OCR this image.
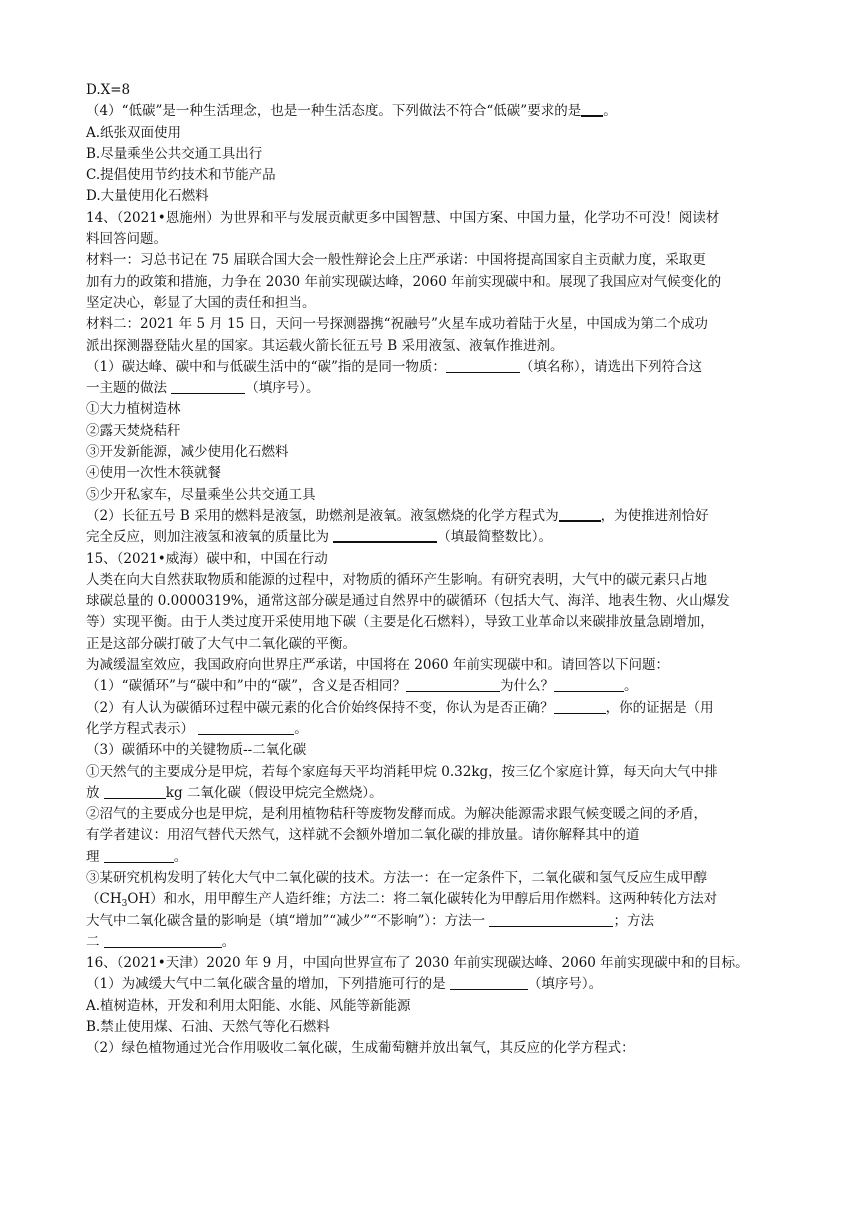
D.X=8
（4）“低碳”是一种生活理念，也是一种生活态度。下列做法不符合“低碳”要求的是 。
A.纸张双面使用
B.尽量乘坐公共交通工具出行
C.提倡使用节约技术和节能产品
D.大量使用化石燃料
14、（2021•恩施州）为世界和平与发展贡献更多中国智慧、中国方案、中国力量，化学功不可没！阅读材
料回答问题。
材料一：习总书记在 75 届联合国大会一般性辩论会上庄严承诺：中国将提高国家自主贡献力度，采取更
加有力的政策和措施，力争在 2030 年前实现碳达峰，2060 年前实现碳中和。展现了我国应对气候变化的
坚定决心，彰显了大国的责任和担当。
材料二：2021 年 5 月 15 日，天问一号探测器携“祝融号”火星车成功着陆于火星，中国成为第二个成功
派出探测器登陆火星的国家。其运载火箭长征五号 B 采用液氢、液氧作推进剂。
（1）碳达峰、碳中和与低碳生活中的“碳”指的是同一物质：	（填名称），请选出下列符合这
一主题的做法	（填序号）。
①大力植树造林
②露天焚烧秸秆
③开发新能源，减少使用化石燃料
④使用一次性木筷就餐
⑤少开私家车，尽量乘坐公共交通工具
（2）长征五号 B 采用的燃料是液氢，助燃剂是液氧。液氢燃烧的化学方程式为	，为使推进剂恰好
完全反应，则加注液氢和液氧的质量比为	（填最简整数比）。
15、（2021•威海）碳中和，中国在行动
人类在向大自然获取物质和能源的过程中，对物质的循环产生影响。有研究表明，大气中的碳元素只占地
球碳总量的 0.0000319%，通常这部分碳是通过自然界中的碳循环（包括大气、海洋、地表生物、火山爆发
等）实现平衡。由于人类过度开采使用地下碳（主要是化石燃料），导致工业革命以来碳排放量急剧增加，
正是这部分碳打破了大气中二氧化碳的平衡。
为减缓温室效应，我国政府向世界庄严承诺，中国将在 2060 年前实现碳中和。请回答以下问题：
（1）“碳循环”与“碳中和”中的“碳”，含义是否相同？	为什么？	。
（2）有人认为碳循环过程中碳元素的化合价始终保持不变，你认为是否正确？	，你的证据是（用
化学方程式表示）	。
（3）碳循环中的关键物质--二氧化碳
①天然气的主要成分是甲烷，若每个家庭每天平均消耗甲烷 0.32kg，按三亿个家庭计算，每天向大气中排
放	kg 二氧化碳（假设甲烷完全燃烧）。
②沼气的主要成分也是甲烷，是利用植物秸秆等废物发酵而成。为解决能源需求跟气候变暖之间的矛盾，
有学者建议：用沼气替代天然气，这样就不会额外增加二氧化碳的排放量。请你解释其中的道
理	。
③某研究机构发明了转化大气中二氧化碳的技术。方法一：在一定条件下，二氧化碳和氢气反应生成甲醇
$(CH_3OH)$和水，用甲醇生产人造纤维；方法二：将二氧化碳转化为甲醇后用作燃料。这两种转化方法对
大气中二氧化碳含量的影响是（填“增加”“减少”“不影响”）：方法一	；方法
二	。
16、（2021•天津）2020 年 9 月，中国向世界宣布了 2030 年前实现碳达峰、2060 年前实现碳中和的目标。
（1）为减缓大气中二氧化碳含量的增加，下列措施可行的是	（填序号）。
A.植树造林，开发和利用太阳能、水能、风能等新能源
B.禁止使用煤、石油、天然气等化石燃料
（2）绿色植物通过光合作用吸收二氧化碳，生成葡萄糖并放出氧气，其反应的化学方程式：
